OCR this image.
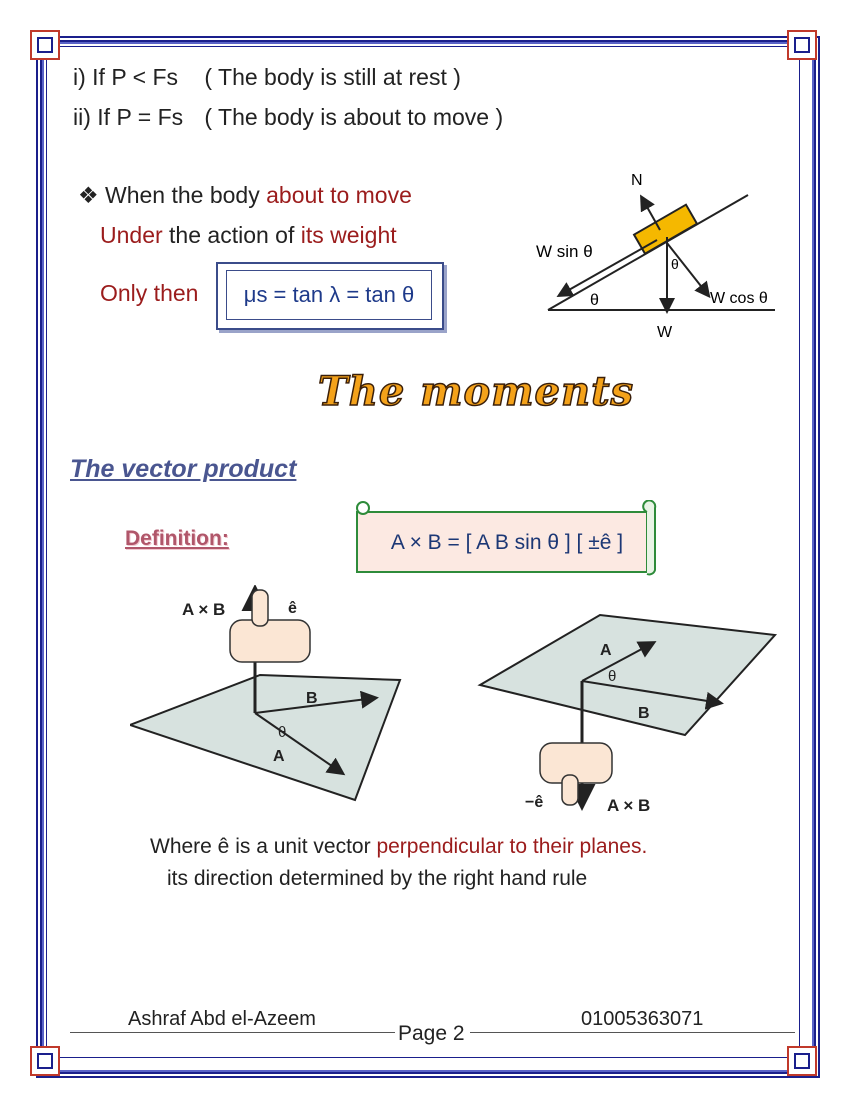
i) If P < Fs ( The body is still at rest )
ii) If P = Fs ( The body is about to move )
❖ When the body about to move
Under the action of its weight
Only then	μs = tan λ = tan θ
N
W sin θ
θ
θ
W cos θ
W
The moments
The vector product
Definition:	A × B = [ A B sin θ ] [ ±ê ]
A × B	ê
B
θ
A
A
θ
B
−ê	A × B
Where ê is a unit vector perpendicular to their planes.
its direction determined by the right hand rule
Ashraf Abd el-Azeem
Page 2
01005363071
